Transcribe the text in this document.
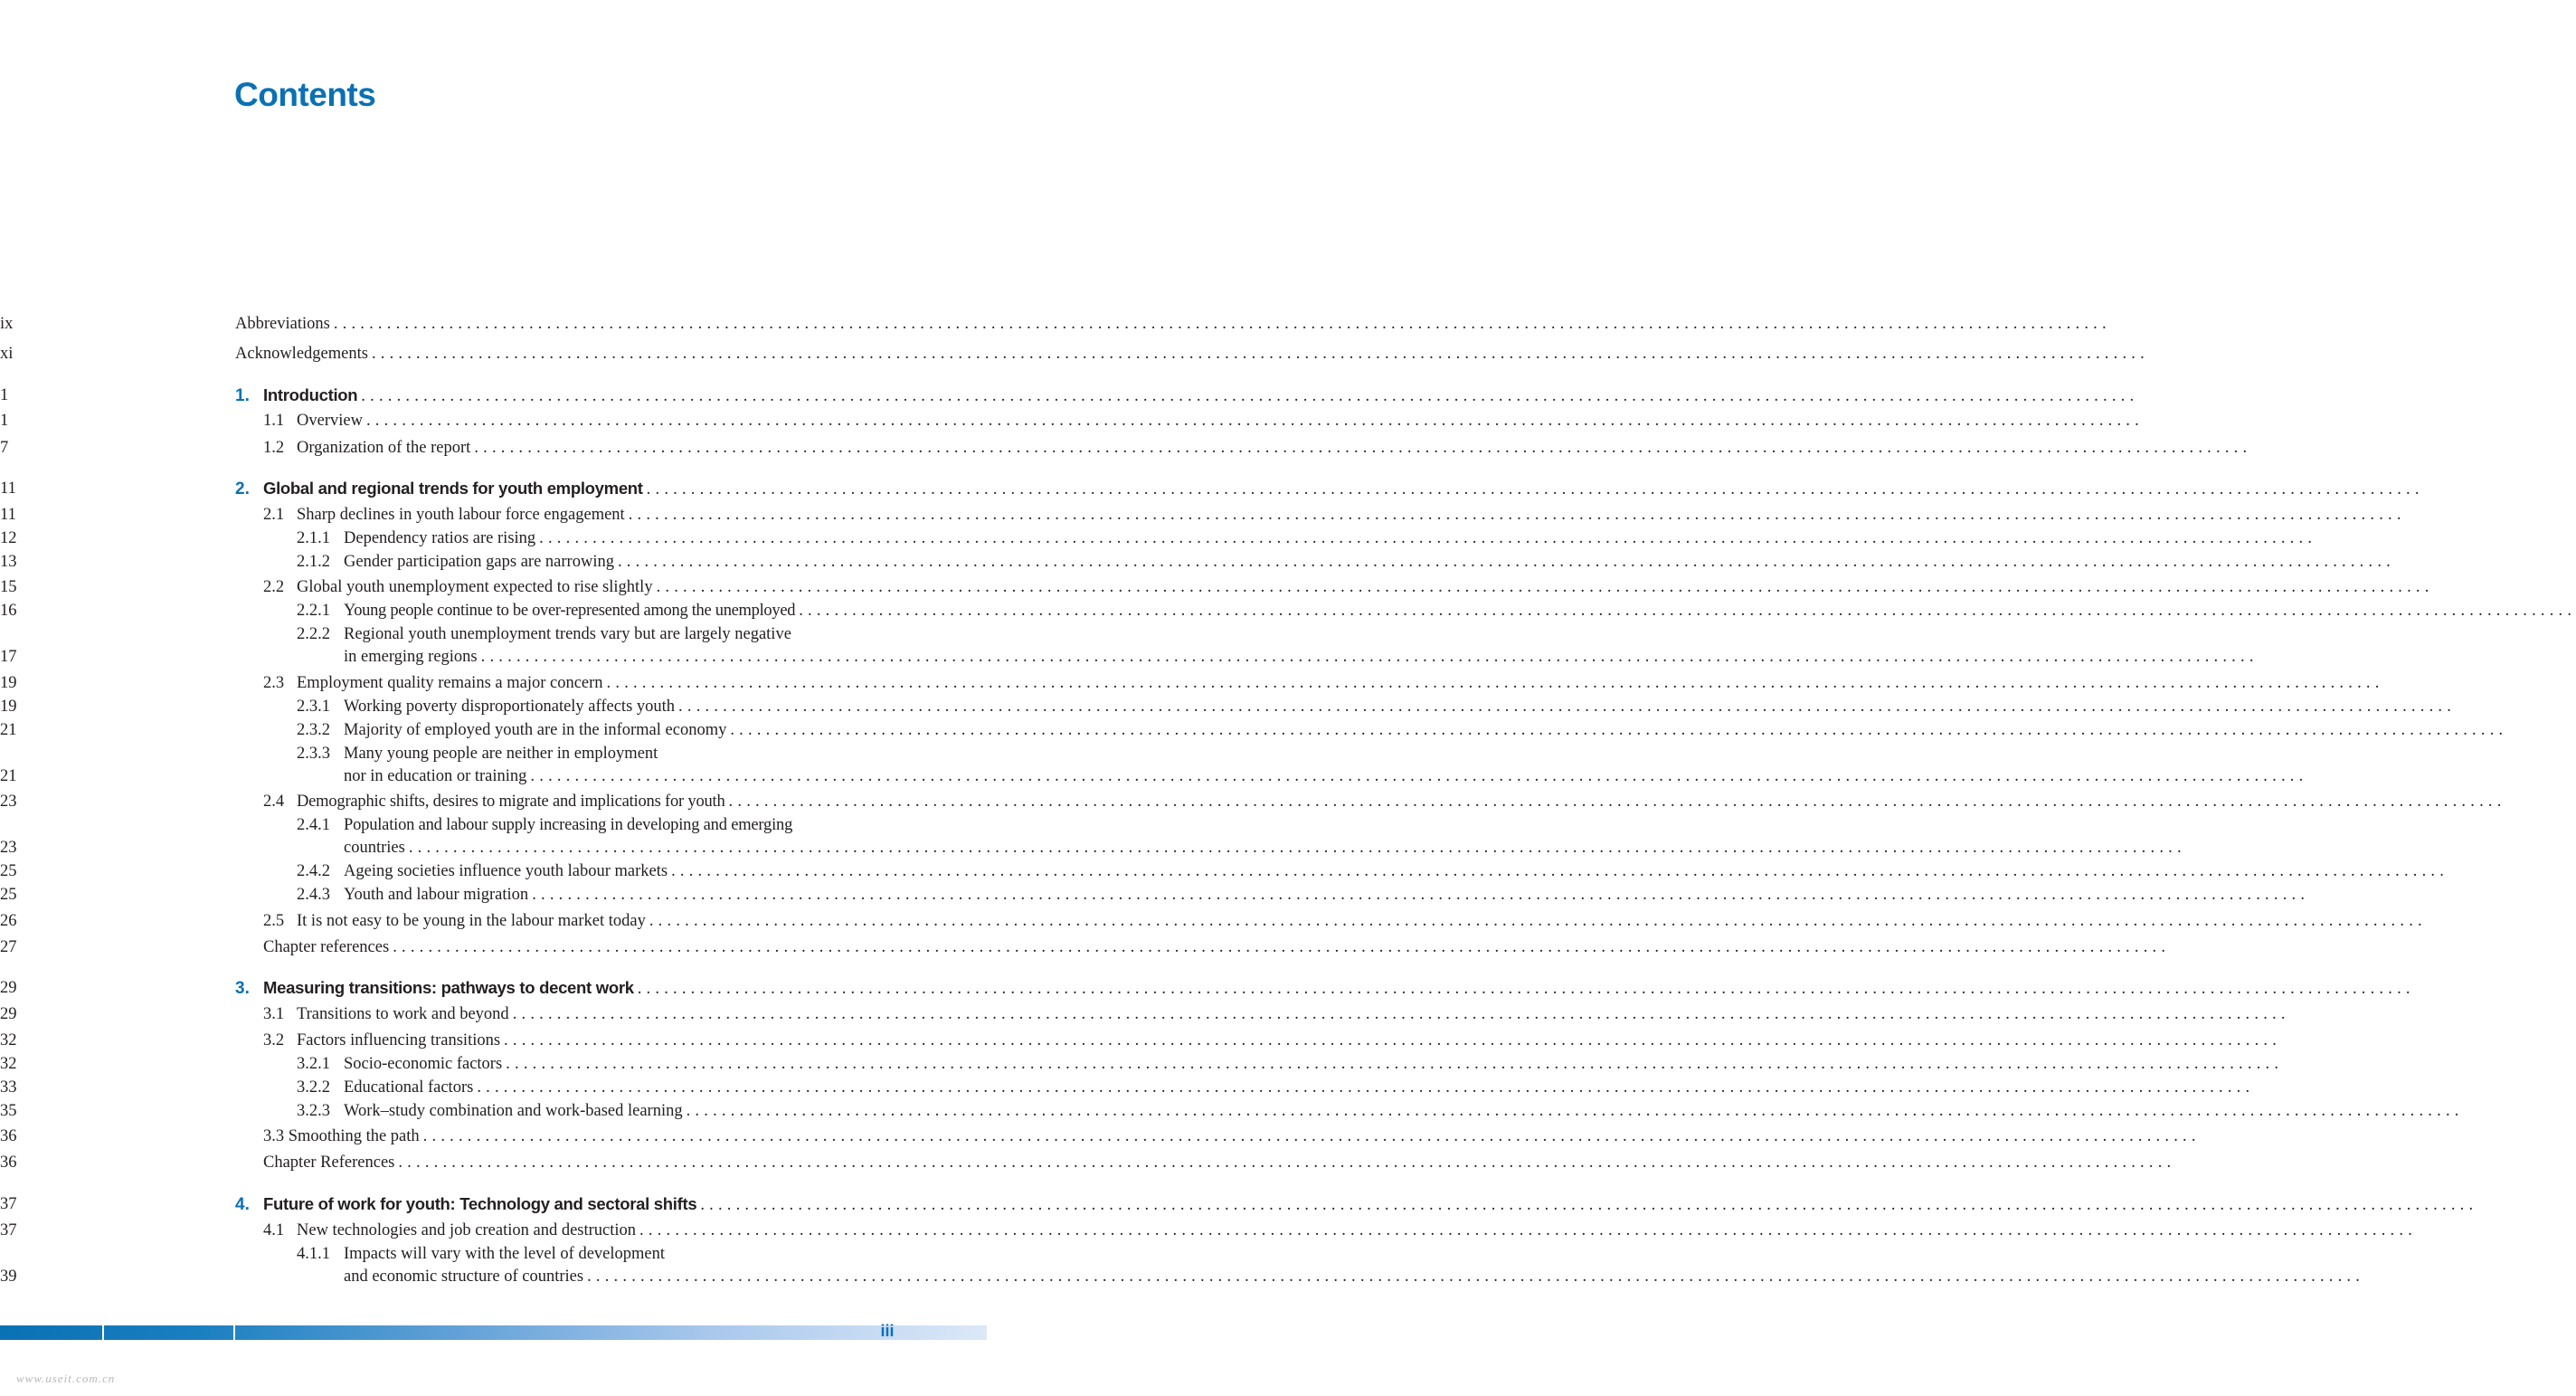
Contents
Abbreviations ........................................................................................................................................................................................................
ix
Acknowledgements ........................................................................................................................................................................................................
xi
1. Introduction ........................................................................................................................................................................................................
1
1.1 Overview ........................................................................................................................................................................................................
1
1.2 Organization of the report ........................................................................................................................................................................................................
7
2. Global and regional trends for youth employment ........................................................................................................................................................................................................
11
2.1 Sharp declines in youth labour force engagement ........................................................................................................................................................................................................
11
2.1.1 Dependency ratios are rising ........................................................................................................................................................................................................
12
2.1.2 Gender participation gaps are narrowing ........................................................................................................................................................................................................
13
2.2 Global youth unemployment expected to rise slightly ........................................................................................................................................................................................................
15
2.2.1 Young people continue to be over-represented among the unemployed ........................................................................................................................................................................................................
16
2.2.2 Regional youth unemployment trends vary but are largely negative
in emerging regions ........................................................................................................................................................................................................
17
2.3 Employment quality remains a major concern ........................................................................................................................................................................................................
19
2.3.1 Working poverty disproportionately affects youth ........................................................................................................................................................................................................
19
2.3.2 Majority of employed youth are in the informal economy ........................................................................................................................................................................................................
21
2.3.3 Many young people are neither in employment
nor in education or training ........................................................................................................................................................................................................
21
2.4 Demographic shifts, desires to migrate and implications for youth ........................................................................................................................................................................................................
23
2.4.1 Population and labour supply increasing in developing and emerging
countries ........................................................................................................................................................................................................
23
2.4.2 Ageing societies influence youth labour markets ........................................................................................................................................................................................................
25
2.4.3 Youth and labour migration ........................................................................................................................................................................................................
25
2.5 It is not easy to be young in the labour market today ........................................................................................................................................................................................................
26
Chapter references ........................................................................................................................................................................................................
27
3. Measuring transitions: pathways to decent work ........................................................................................................................................................................................................
29
3.1 Transitions to work and beyond ........................................................................................................................................................................................................
29
3.2 Factors influencing transitions ........................................................................................................................................................................................................
32
3.2.1 Socio-economic factors ........................................................................................................................................................................................................
32
3.2.2 Educational factors ........................................................................................................................................................................................................
33
3.2.3 Work–study combination and work-based learning ........................................................................................................................................................................................................
35
3.3 Smoothing the path ........................................................................................................................................................................................................
36
Chapter References ........................................................................................................................................................................................................
36
4. Future of work for youth: Technology and sectoral shifts ........................................................................................................................................................................................................
37
4.1 New technologies and job creation and destruction ........................................................................................................................................................................................................
37
4.1.1 Impacts will vary with the level of development
and economic structure of countries ........................................................................................................................................................................................................
39
iii
www.useit.com.cn
